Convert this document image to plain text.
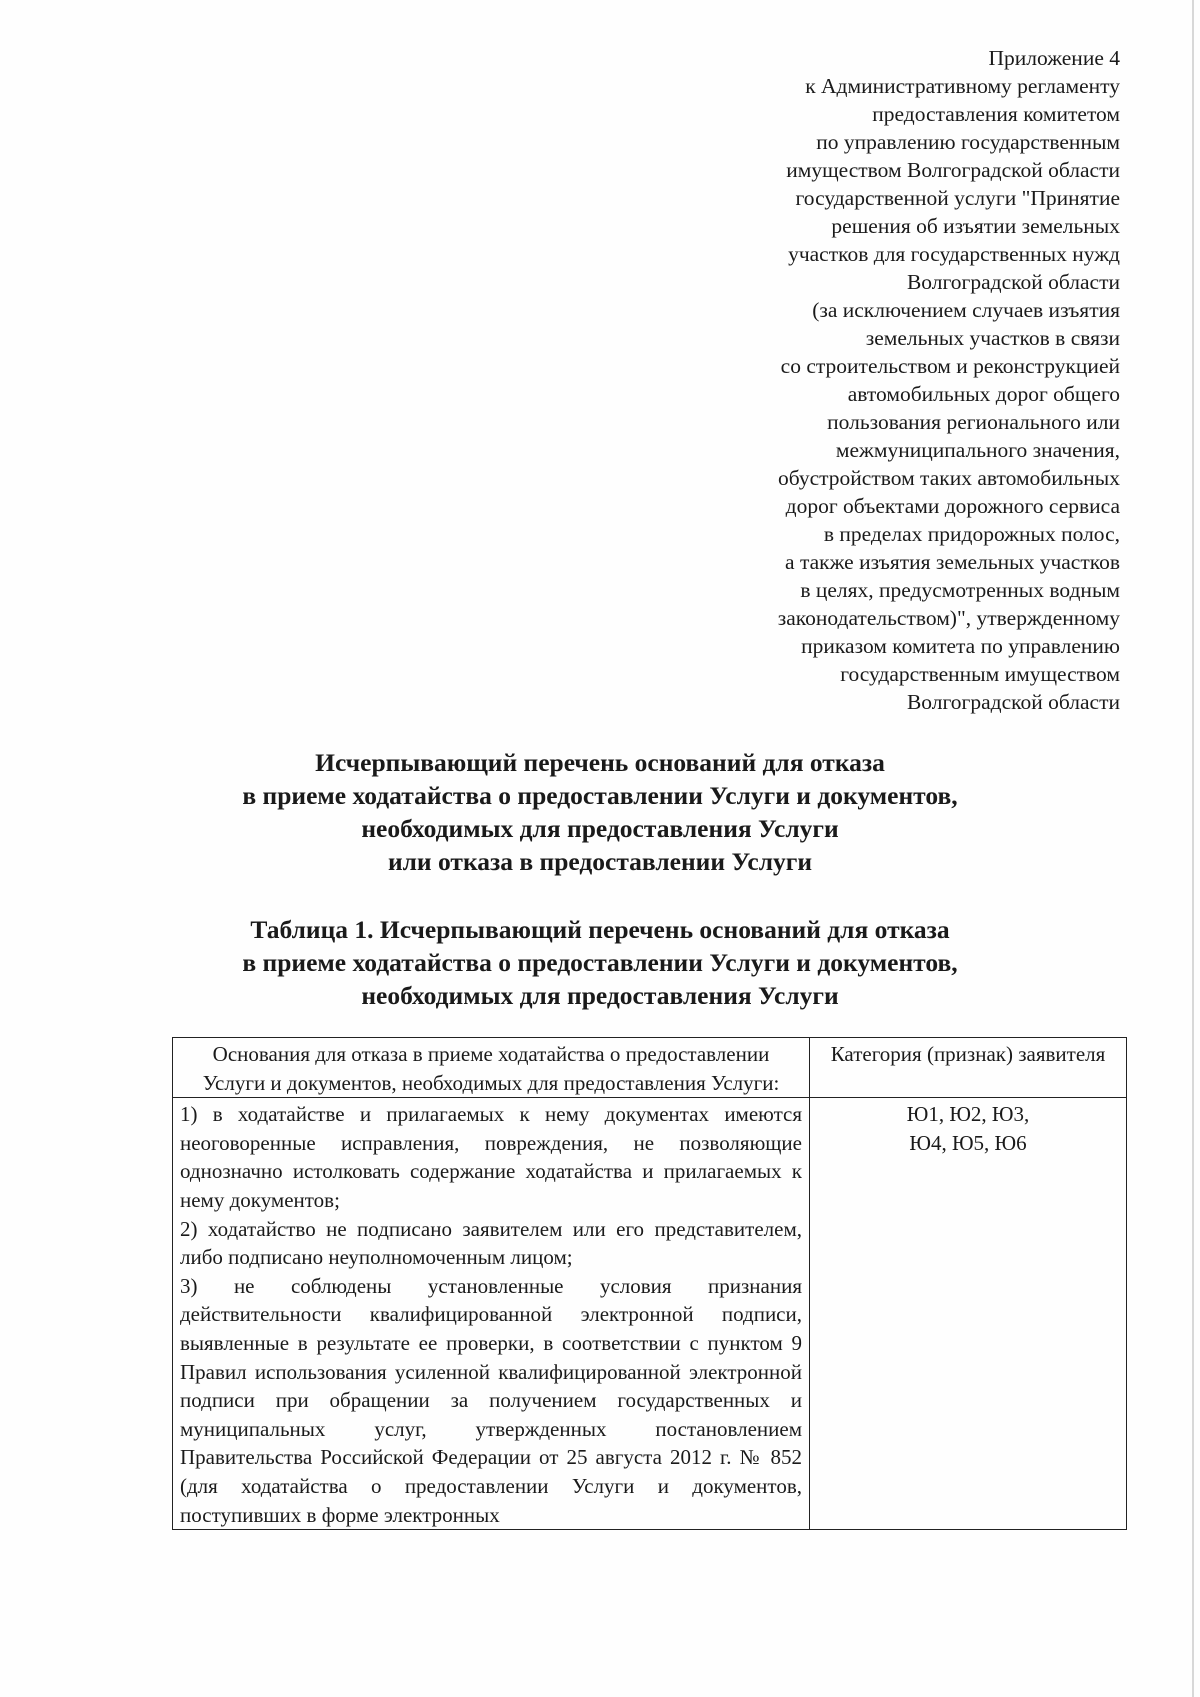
Приложение 4
к Административному регламенту
предоставления комитетом
по управлению государственным
имуществом Волгоградской области
государственной услуги "Принятие
решения об изъятии земельных
участков для государственных нужд
Волгоградской области
(за исключением случаев изъятия
земельных участков в связи
со строительством и реконструкцией
автомобильных дорог общего
пользования регионального или
межмуниципального значения,
обустройством таких автомобильных
дорог объектами дорожного сервиса
в пределах придорожных полос,
а также изъятия земельных участков
в целях, предусмотренных водным
законодательством)", утвержденному
приказом комитета по управлению
государственным имуществом
Волгоградской области
Исчерпывающий перечень оснований для отказа
в приеме ходатайства о предоставлении Услуги и документов,
необходимых для предоставления Услуги
или отказа в предоставлении Услуги
Таблица 1. Исчерпывающий перечень оснований для отказа
в приеме ходатайства о предоставлении Услуги и документов,
необходимых для предоставления Услуги
Основания для отказа в приеме ходатайства о предоставлении Услуги и документов, необходимых для предоставления Услуги:	Категория (признак) заявителя

1) в ходатайстве и прилагаемых к нему документах имеются неоговоренные исправления, повреждения, не позволяющие однозначно истолковать содержание ходатайства и прилагаемых к нему документов;
2) ходатайство не подписано заявителем или его представителем, либо подписано неуполномоченным лицом;
3) не соблюдены установленные условия признания действительности квалифицированной электронной подписи, выявленные в результате ее проверки, в соответствии с пунктом 9 Правил использования усиленной квалифицированной электронной подписи при обращении за получением государственных и муниципальных услуг, утвержденных постановлением Правительства Российской Федерации от 25 августа 2012 г. № 852 (для ходатайства о предоставлении Услуги и документов, поступивших в форме электронных	Ю1, Ю2, Ю3,
Ю4, Ю5, Ю6
